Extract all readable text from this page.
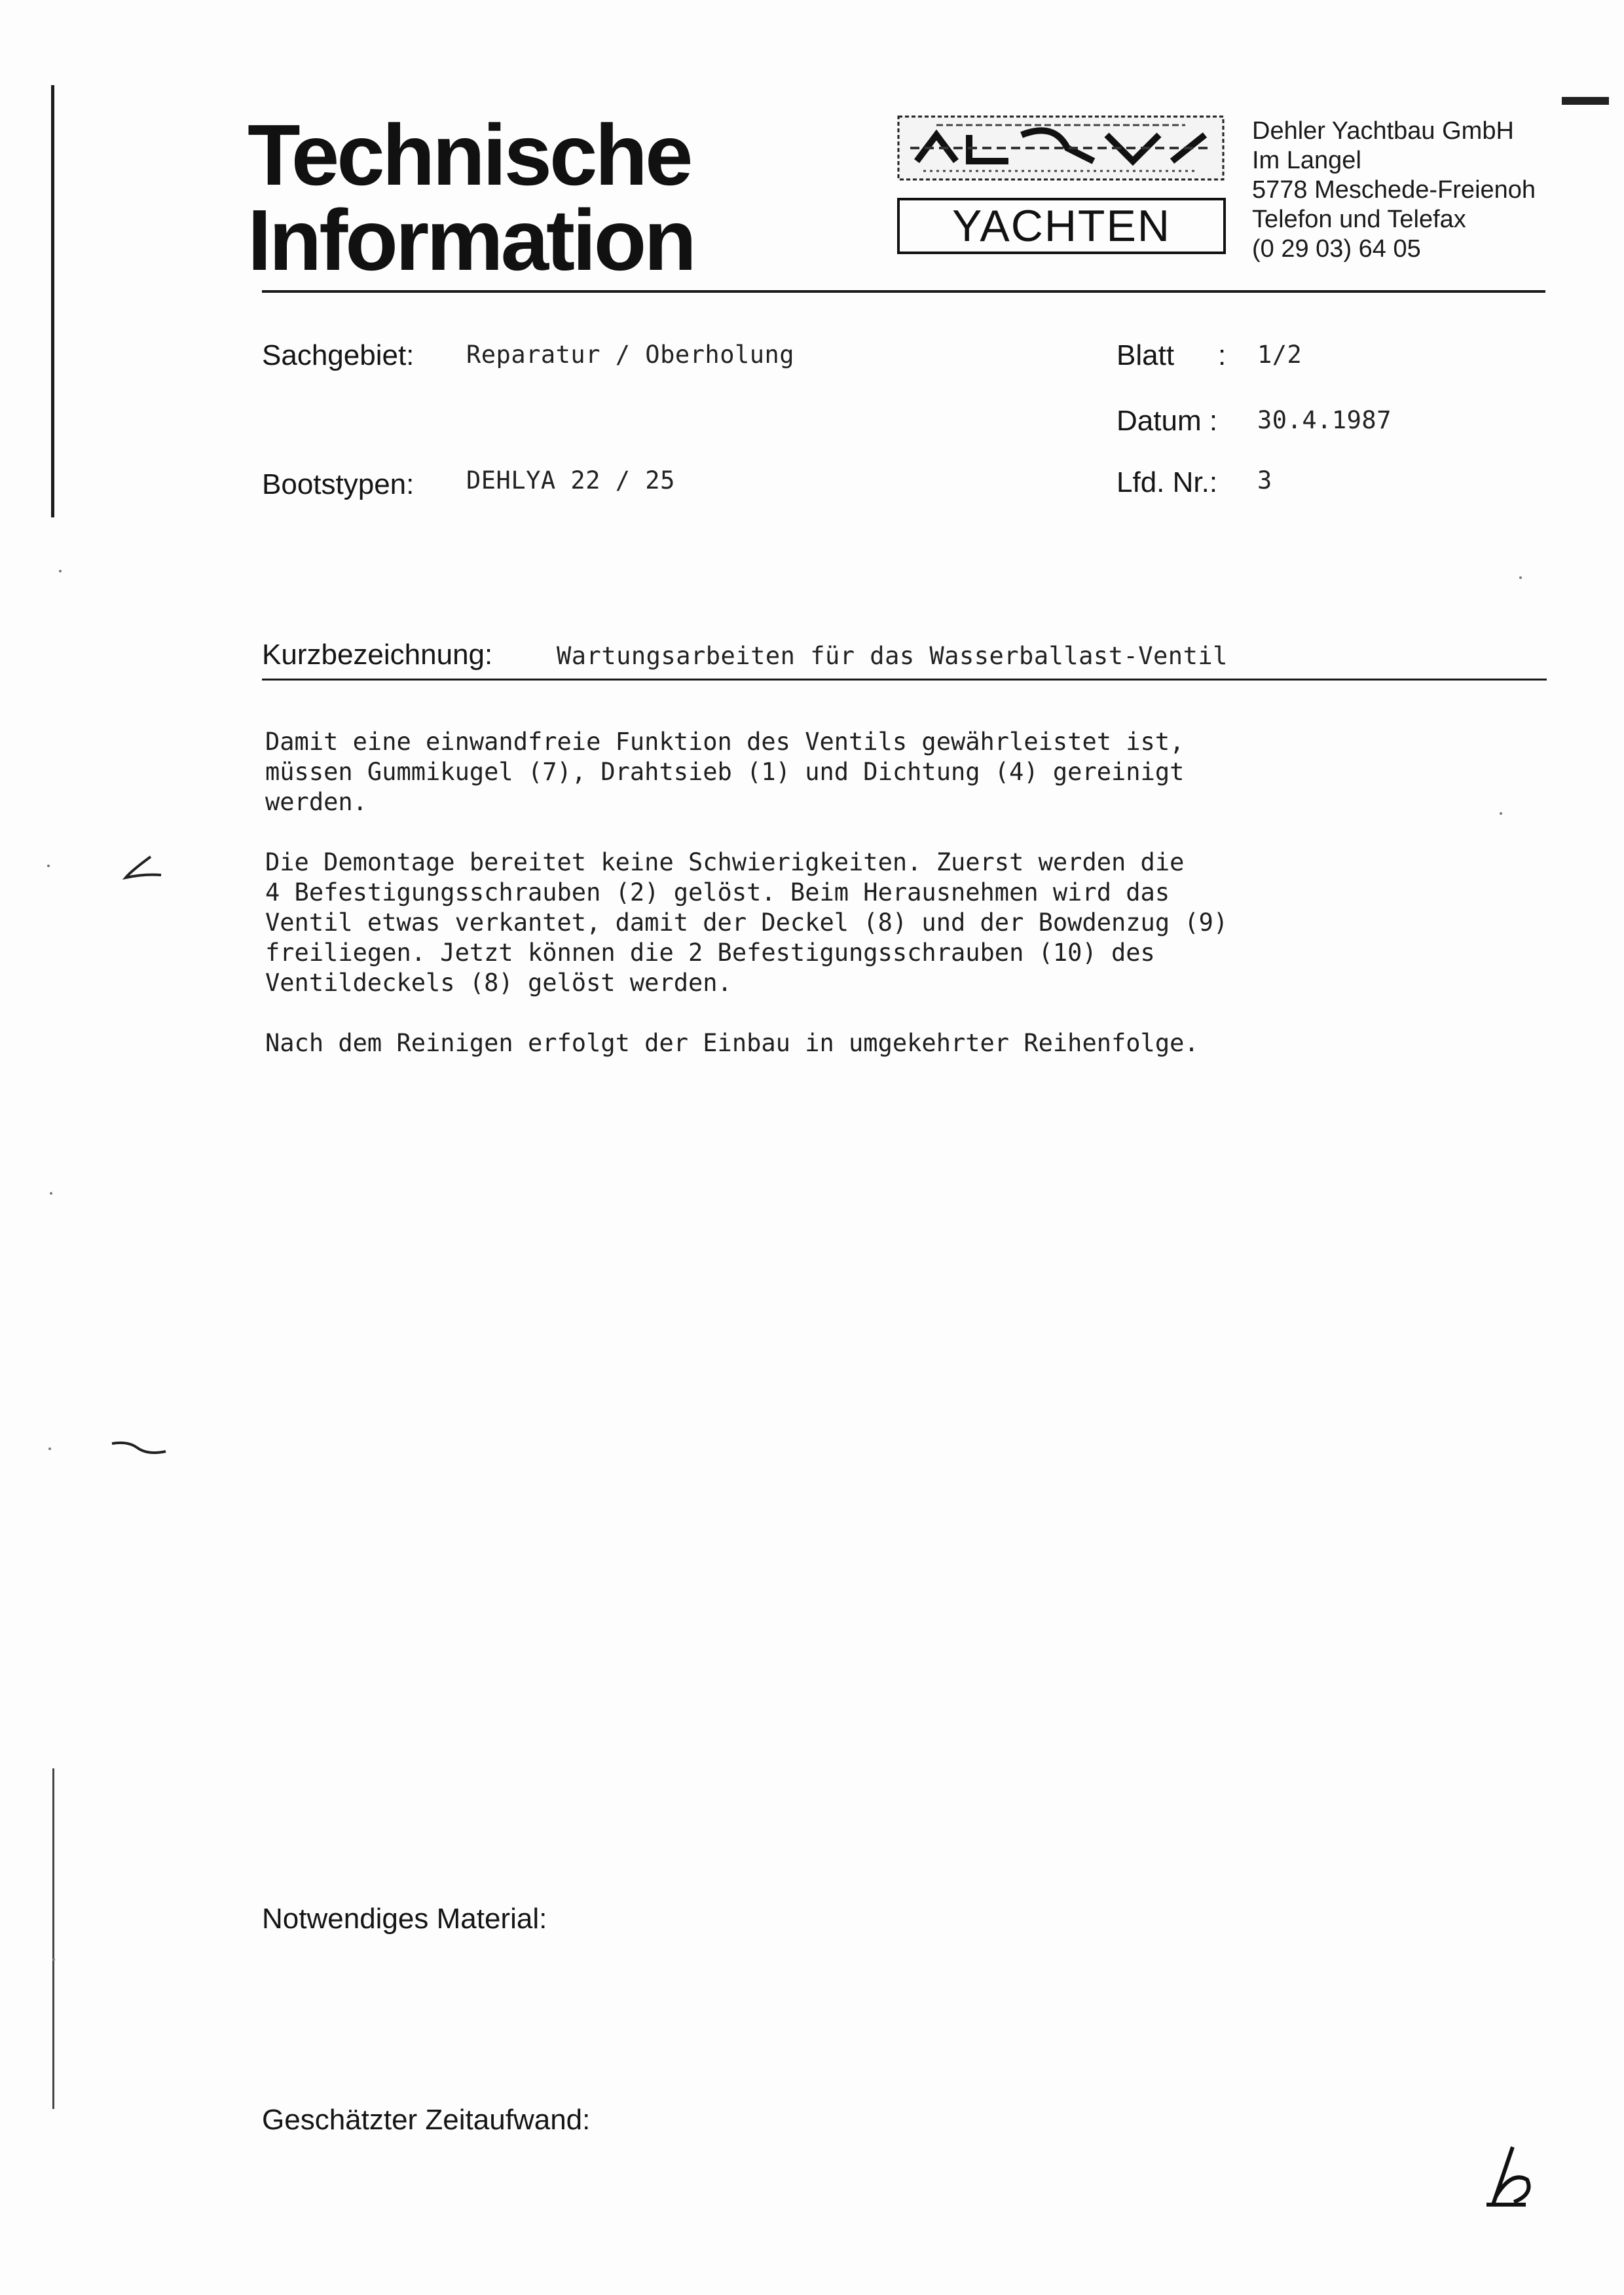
Technische
Information	YACHTEN
Dehler Yachtbau GmbH
Im Langel
5778 Meschede-Freienoh
Telefon und Telefax
(0 29 03) 64 05
Sachgebiet: Reparatur / Oberholung	Blatt : 1/2
Datum : 30.4.1987
Bootstypen: DEHLYA 22 / 25	Lfd. Nr.: 3
Kurzbezeichnung:	Wartungsarbeiten für das Wasserballast-Ventil

Damit eine einwandfreie Funktion des Ventils gewährleistet ist,
müssen Gummikugel (7), Drahtsieb (1) und Dichtung (4) gereinigt
werden.

Die Demontage bereitet keine Schwierigkeiten. Zuerst werden die
4 Befestigungsschrauben (2) gelöst. Beim Herausnehmen wird das
Ventil etwas verkantet, damit der Deckel (8) und der Bowdenzug (9)
freiliegen. Jetzt können die 2 Befestigungsschrauben (10) des
Ventildeckels (8) gelöst werden.

Nach dem Reinigen erfolgt der Einbau in umgekehrter Reihenfolge.

Notwendiges Material:
Geschätzter Zeitaufwand:
